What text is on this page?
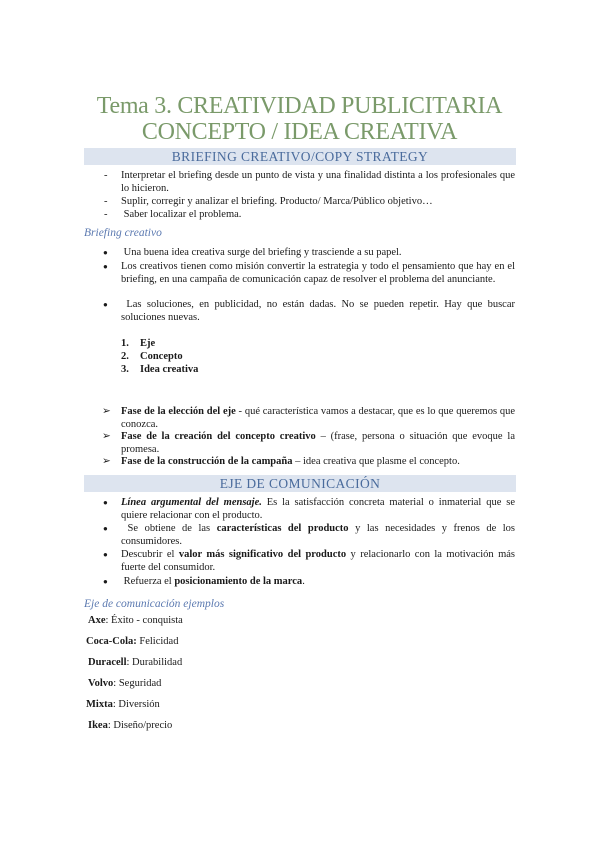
Tema 3. CREATIVIDAD PUBLICITARIA
CONCEPTO / IDEA CREATIVA
BRIEFING CREATIVO/COPY STRATEGY
- Interpretar el briefing desde un punto de vista y una finalidad distinta a los profesionales que lo hicieron.
- Suplir, corregir y analizar el briefing. Producto/ Marca/Público objetivo…
- Saber localizar el problema.
Briefing creativo
● Una buena idea creativa surge del briefing y trasciende a su papel.
● Los creativos tienen como misión convertir la estrategia y todo el pensamiento que hay en el briefing, en una campaña de comunicación capaz de resolver el problema del anunciante.
● Las soluciones, en publicidad, no están dadas. No se pueden repetir. Hay que buscar soluciones nuevas.
1. Eje
2. Concepto
3. Idea creativa
➢ Fase de la elección del eje - qué característica vamos a destacar, que es lo que queremos que conozca.
➢ Fase de la creación del concepto creativo – (frase, persona o situación que evoque la promesa.
➢ Fase de la construcción de la campaña – idea creativa que plasme el concepto.
EJE DE COMUNICACIÓN
● Línea argumental del mensaje. Es la satisfacción concreta material o inmaterial que se quiere relacionar con el producto.
● Se obtiene de las características del producto y las necesidades y frenos de los consumidores.
● Descubrir el valor más significativo del producto y relacionarlo con la motivación más fuerte del consumidor.
● Refuerza el posicionamiento de la marca.
Eje de comunicación ejemplos
Axe: Éxito - conquista
Coca-Cola: Felicidad
Duracell: Durabilidad
Volvo: Seguridad
Mixta: Diversión
Ikea: Diseño/precio
